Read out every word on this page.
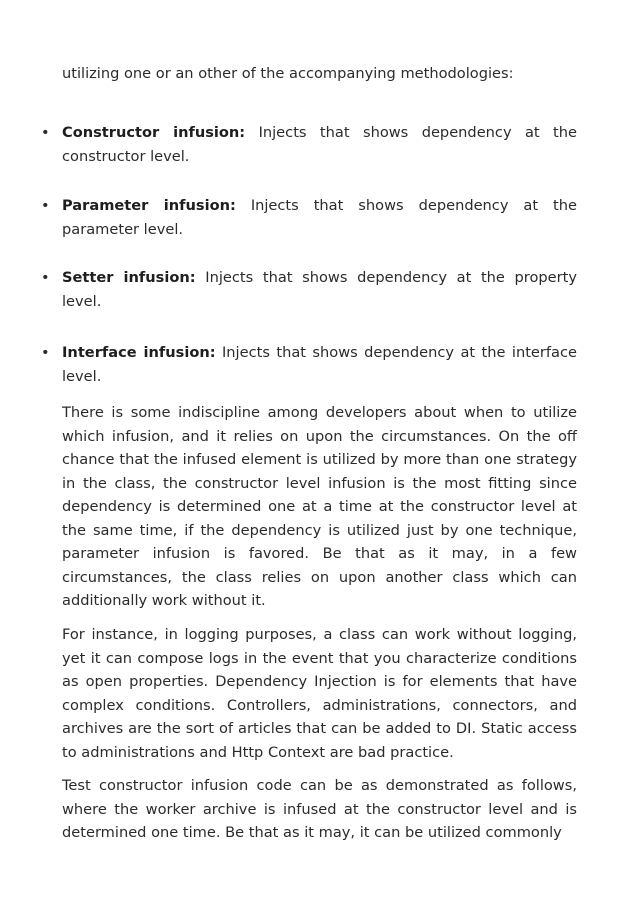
utilizing one or an other of the accompanying methodologies:

• Constructor infusion: Injects that shows dependency at the constructor level.
• Parameter infusion: Injects that shows dependency at the parameter level.
• Setter infusion: Injects that shows dependency at the property level.
• Interface infusion: Injects that shows dependency at the interface level.

There is some indiscipline among developers about when to utilize which infusion, and it relies on upon the circumstances. On the off chance that the infused element is utilized by more than one strategy in the class, the constructor level infusion is the most fitting since dependency is determined one at a time at the constructor level at the same time, if the dependency is utilized just by one technique, parameter infusion is favored. Be that as it may, in a few circumstances, the class relies on upon another class which can additionally work without it.

For instance, in logging purposes, a class can work without logging, yet it can compose logs in the event that you characterize conditions as open properties. Dependency Injection is for elements that have complex conditions. Controllers, administrations, connectors, and archives are the sort of articles that can be added to DI. Static access to administrations and Http Context are bad practice.

Test constructor infusion code can be as demonstrated as follows, where the worker archive is infused at the constructor level and is determined one time. Be that as it may, it can be utilized commonly
